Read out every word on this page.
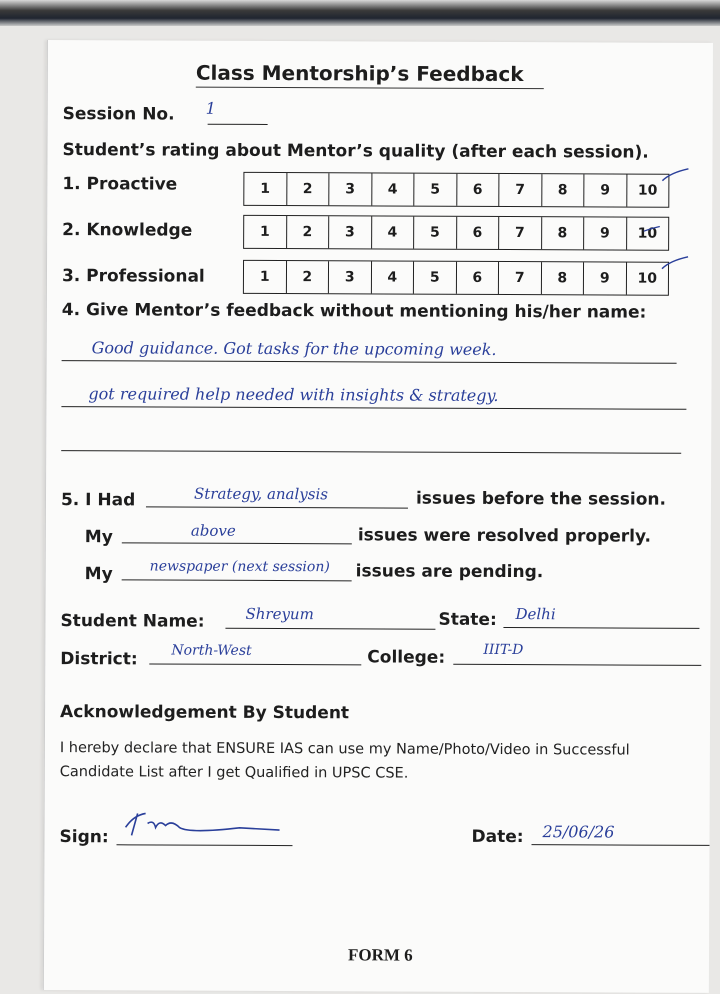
Class Mentorship’s Feedback
Session No. 1
Student’s rating about Mentor’s quality (after each session).
1. Proactive	1	2	3	4	5	6	7	8	9	10
2. Knowledge	1	2	3	4	5	6	7	8	9	10
3. Professional	1	2	3	4	5	6	7	8	9	10
4. Give Mentor’s feedback without mentioning his/her name:
Good guidance. Got tasks for the upcoming week.
got required help needed with insights & strategy.
5. I Had	Strategy, analysis	issues before the session.
My	above	issues were resolved properly.
My	newspaper (next session) issues are pending.
Student Name:	Shreyum	State: Delhi
District: North-West	College:	IIIT-D
Acknowledgement By Student
I hereby declare that ENSURE IAS can use my Name/Photo/Video in Successful
Candidate List after I get Qualified in UPSC CSE.
Sign:	Date: 25/06/26
FORM 6
